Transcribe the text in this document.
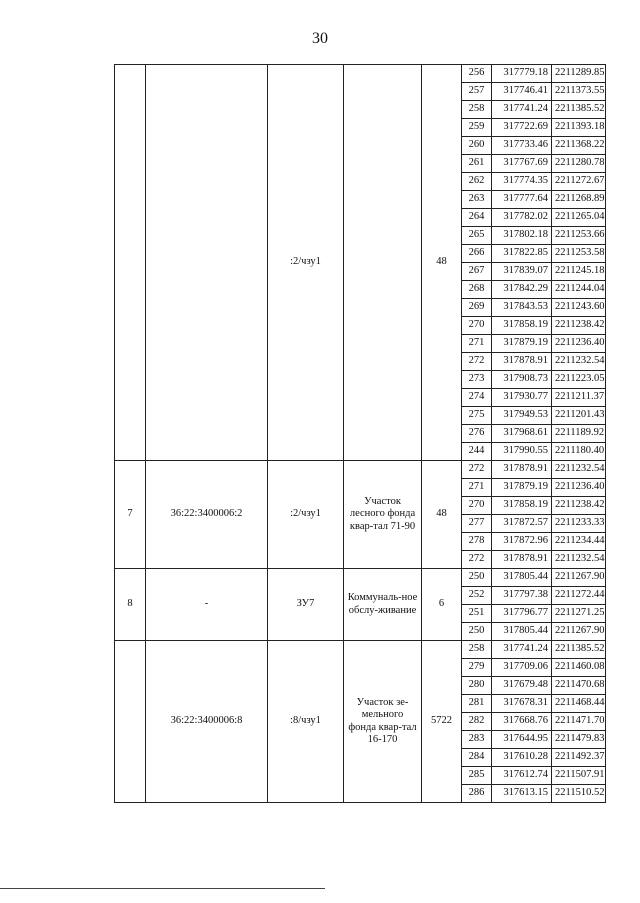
30
		:2/чзу1		48	256	317779.18	2211289.85
					257	317746.41	2211373.55
					258	317741.24	2211385.52
					259	317722.69	2211393.18
					260	317733.46	2211368.22
					261	317767.69	2211280.78
					262	317774.35	2211272.67
					263	317777.64	2211268.89
					264	317782.02	2211265.04
					265	317802.18	2211253.66
					266	317822.85	2211253.58
					267	317839.07	2211245.18
					268	317842.29	2211244.04
					269	317843.53	2211243.60
					270	317858.19	2211238.42
					271	317879.19	2211236.40
					272	317878.91	2211232.54
					273	317908.73	2211223.05
					274	317930.77	2211211.37
					275	317949.53	2211201.43
					276	317968.61	2211189.92
					244	317990.55	2211180.40
7	36:22:3400006:2	:2/чзу1	Участок лесного фонда квар-тал 71-90	48	272	317878.91	2211232.54
					271	317879.19	2211236.40
					270	317858.19	2211238.42
					277	317872.57	2211233.33
					278	317872.96	2211234.44
					272	317878.91	2211232.54
8	-	ЗУ7	Коммуналь-ное обслу-живание	6	250	317805.44	2211267.90
					252	317797.38	2211272.44
					251	317796.77	2211271.25
					250	317805.44	2211267.90
	36:22:3400006:8	:8/чзу1	Участок зе-мельного фонда квар-тал 16-170	5722	258	317741.24	2211385.52
					279	317709.06	2211460.08
					280	317679.48	2211470.68
					281	317678.31	2211468.44
					282	317668.76	2211471.70
					283	317644.95	2211479.83
					284	317610.28	2211492.37
					285	317612.74	2211507.91
					286	317613.15	2211510.52
